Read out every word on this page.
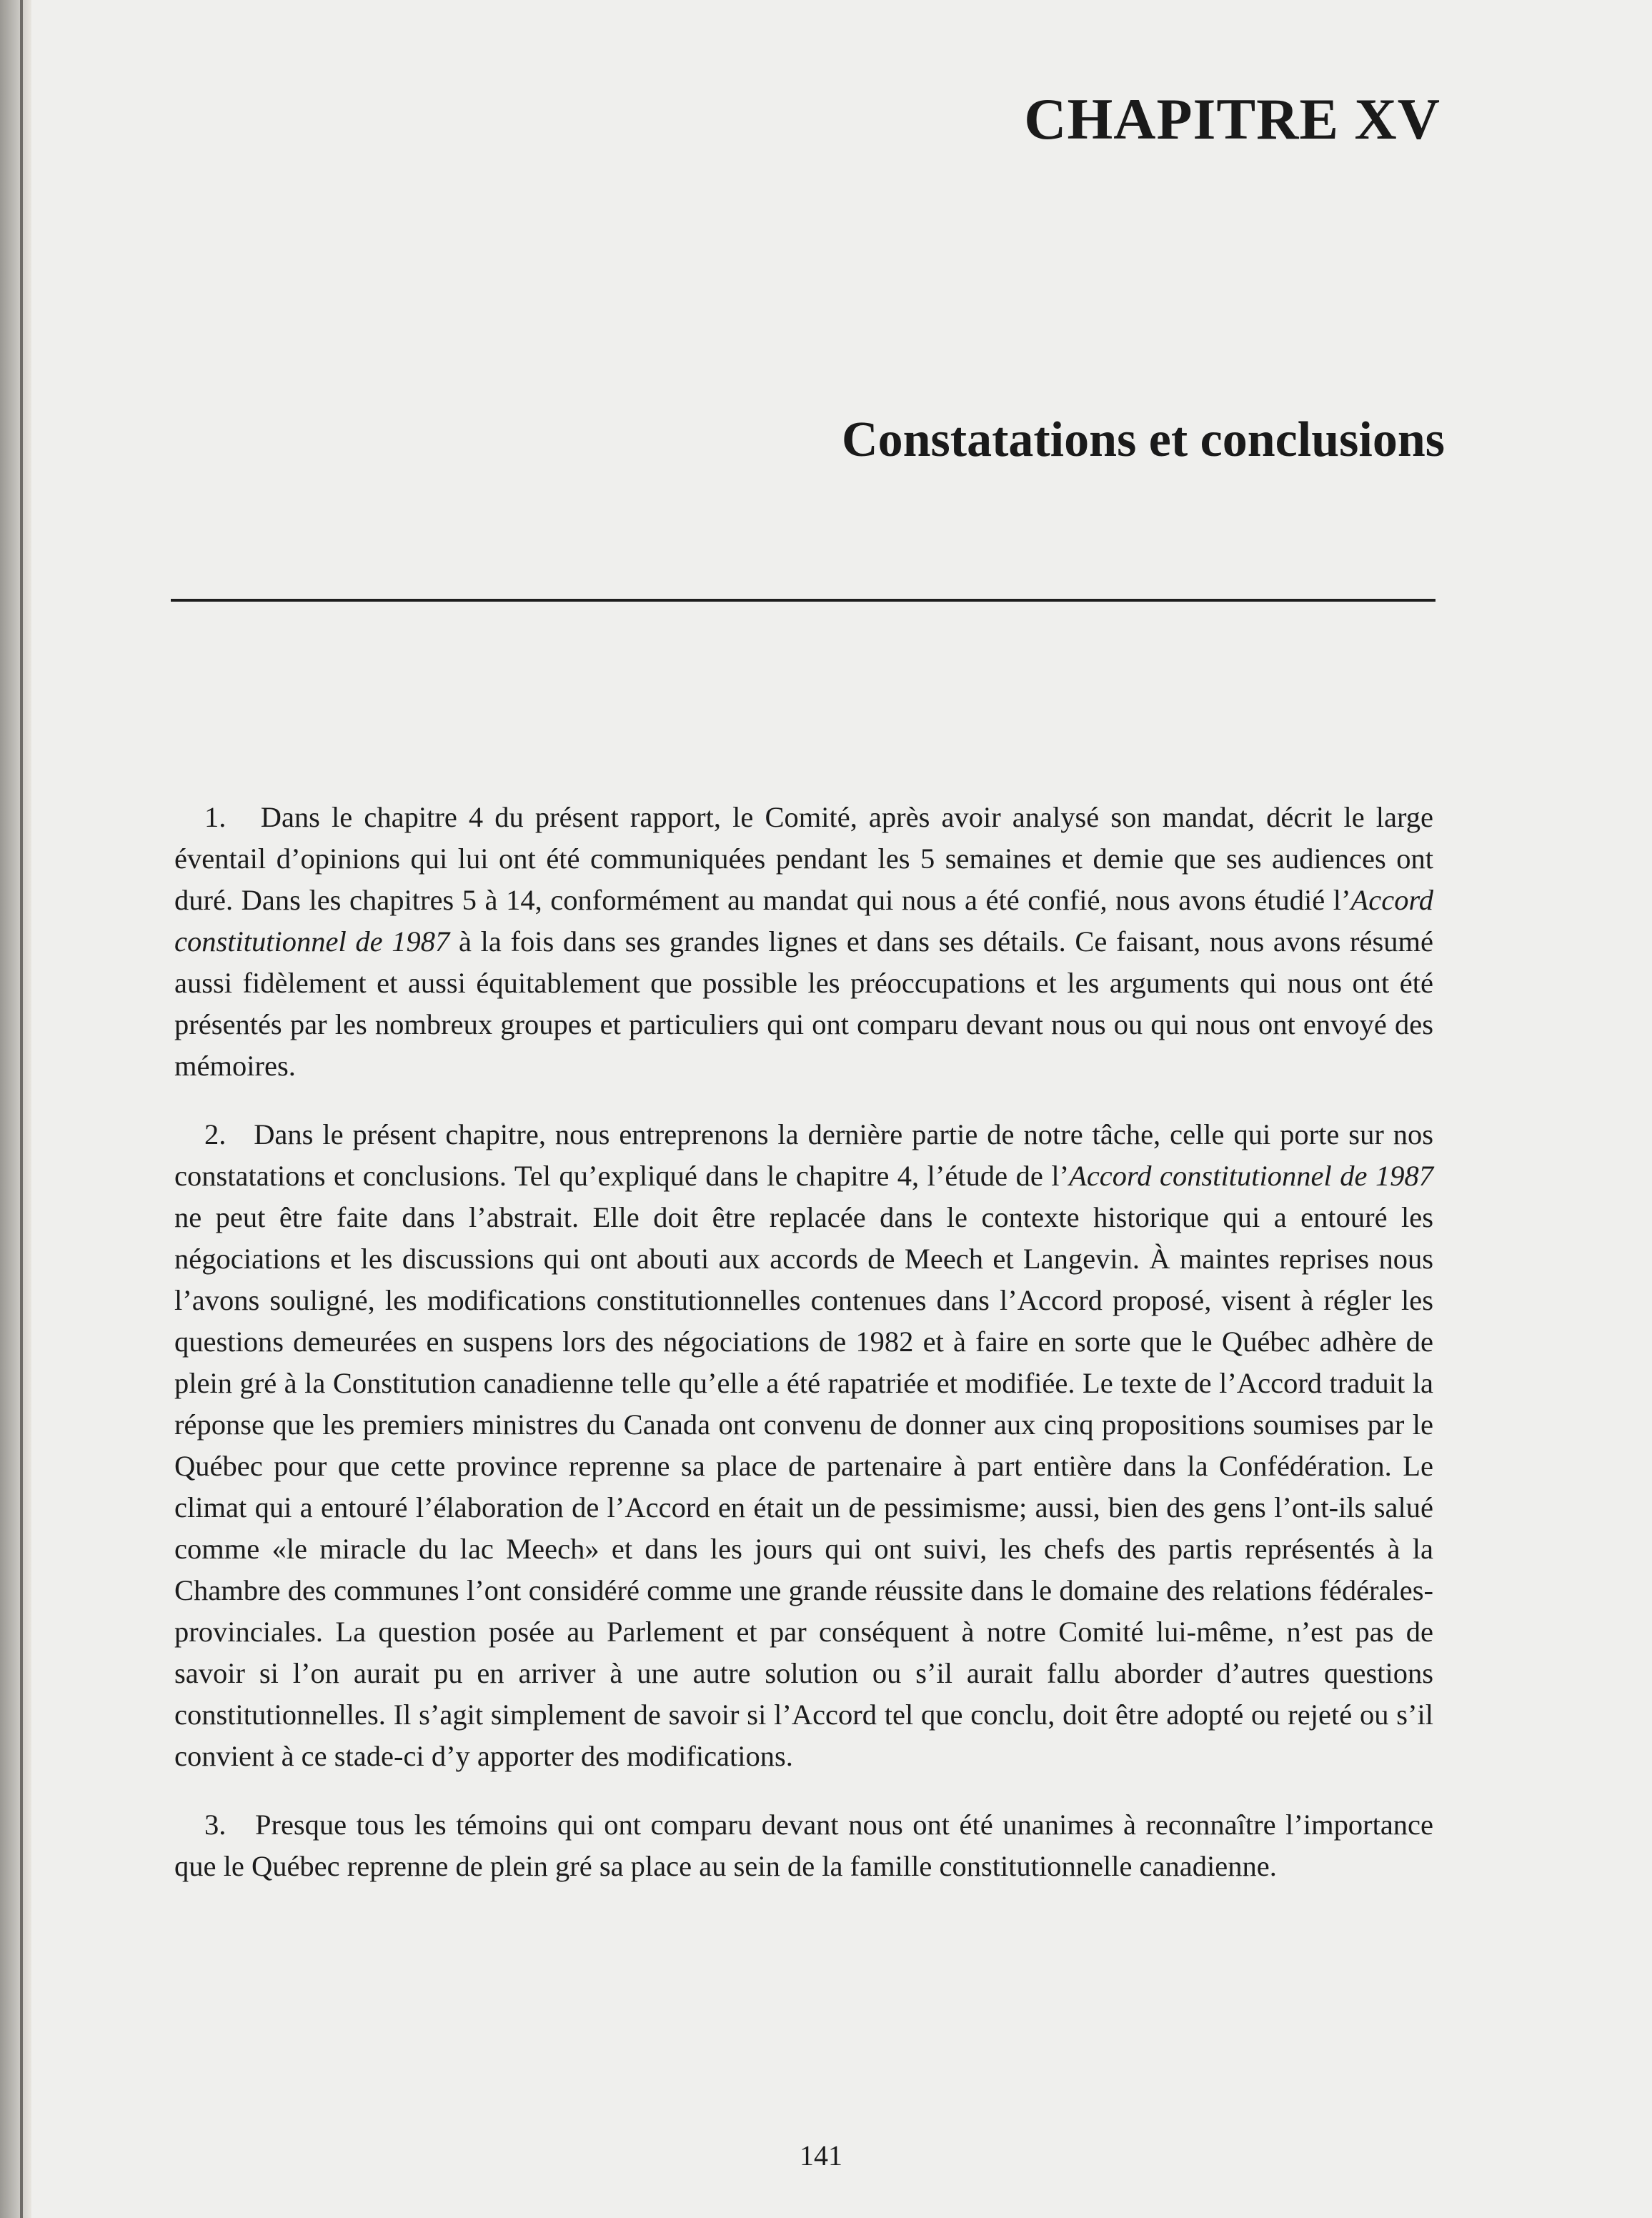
CHAPITRE XV
Constatations et conclusions

1. Dans le chapitre 4 du présent rapport, le Comité, après avoir analysé son mandat, décrit le large éventail d’opinions qui lui ont été communiquées pendant les 5 semaines et demie que ses audiences ont duré. Dans les chapitres 5 à 14, conformément au mandat qui nous a été confié, nous avons étudié l’Accord constitutionnel de 1987 à la fois dans ses grandes lignes et dans ses détails. Ce faisant, nous avons résumé aussi fidèlement et aussi équitablement que possible les préoccupations et les arguments qui nous ont été présentés par les nombreux groupes et particuliers qui ont comparu devant nous ou qui nous ont envoyé des mémoires.

2. Dans le présent chapitre, nous entreprenons la dernière partie de notre tâche, celle qui porte sur nos constatations et conclusions. Tel qu’expliqué dans le chapitre 4, l’étude de l’Accord constitutionnel de 1987 ne peut être faite dans l’abstrait. Elle doit être replacée dans le contexte historique qui a entouré les négociations et les discussions qui ont abouti aux accords de Meech et Langevin. À maintes reprises nous l’avons souligné, les modifications constitutionnelles contenues dans l’Accord proposé, visent à régler les questions demeurées en suspens lors des négociations de 1982 et à faire en sorte que le Québec adhère de plein gré à la Constitution canadienne telle qu’elle a été rapatriée et modifiée. Le texte de l’Accord traduit la réponse que les premiers ministres du Canada ont convenu de donner aux cinq propositions soumises par le Québec pour que cette province reprenne sa place de partenaire à part entière dans la Confédération. Le climat qui a entouré l’élaboration de l’Accord en était un de pessimisme; aussi, bien des gens l’ont-ils salué comme «le miracle du lac Meech» et dans les jours qui ont suivi, les chefs des partis représentés à la Chambre des communes l’ont considéré comme une grande réussite dans le domaine des relations fédérales-provinciales. La question posée au Parlement et par conséquent à notre Comité lui-même, n’est pas de savoir si l’on aurait pu en arriver à une autre solution ou s’il aurait fallu aborder d’autres questions constitutionnelles. Il s’agit simplement de savoir si l’Accord tel que conclu, doit être adopté ou rejeté ou s’il convient à ce stade-ci d’y apporter des modifications.

3. Presque tous les témoins qui ont comparu devant nous ont été unanimes à reconnaître l’importance que le Québec reprenne de plein gré sa place au sein de la famille constitutionnelle canadienne.

141
